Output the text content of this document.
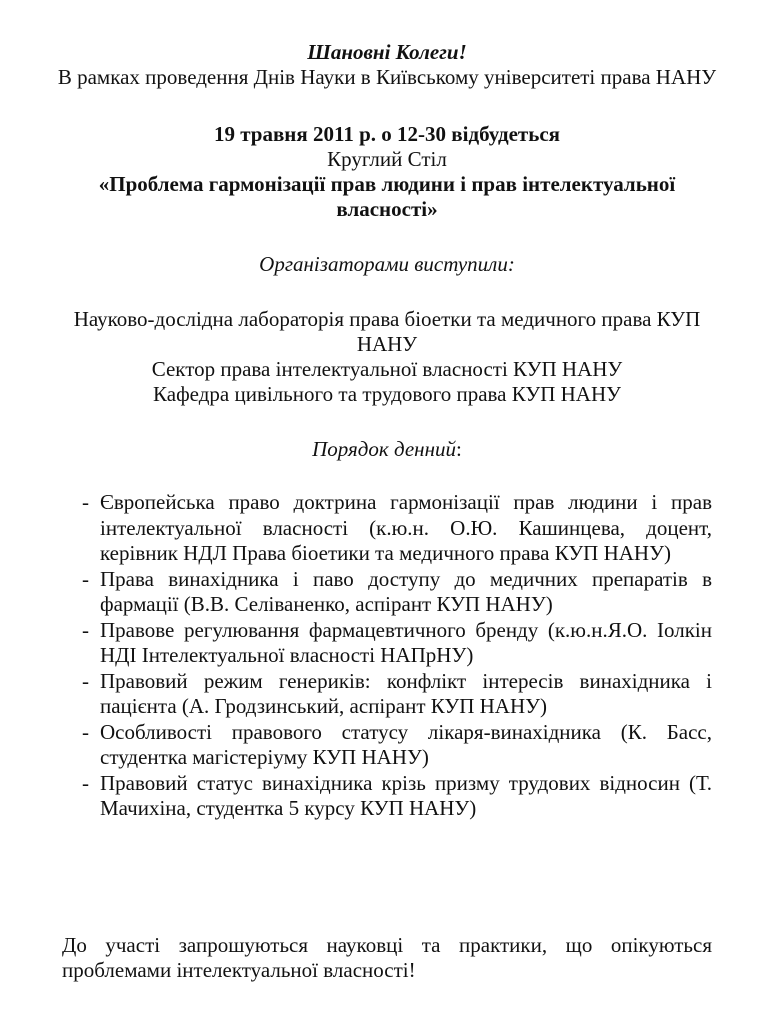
Шановні Колеги!
В рамках проведення Днів Науки в Київському університеті права НАНУ
19 травня 2011 р. о 12-30 відбудеться
Круглий Стіл
«Проблема гармонізації прав людини і прав інтелектуальної власності»
Організаторами виступили:
Науково-дослідна лабораторія права біоетки та медичного права КУП НАНУ
Сектор права інтелектуальної власності КУП НАНУ
Кафедра цивільного та трудового права КУП НАНУ
Порядок денний:
- Європейська право доктрина гармонізації прав людини і прав інтелектуальної власності (к.ю.н. О.Ю. Кашинцева, доцент, керівник НДЛ Права біоетики та медичного права КУП НАНУ)
- Права винахідника і паво доступу до медичних препаратів в фармації (В.В. Селіваненко, аспірант КУП НАНУ)
- Правове регулювання фармацевтичного бренду (к.ю.н.Я.О. Іолкін НДІ Інтелектуальної власності НАПрНУ)
- Правовий режим генериків: конфлікт інтересів винахідника і пацієнта (А. Гродзинський, аспірант КУП НАНУ)
- Особливості правового статусу лікаря-винахідника (К. Басс, студентка магістеріуму КУП НАНУ)
- Правовий статус винахідника крізь призму трудових відносин (Т. Мачихіна, студентка 5 курсу КУП НАНУ)
До участі запрошуються науковці та практики, що опікуються проблемами інтелектуальної власності!
